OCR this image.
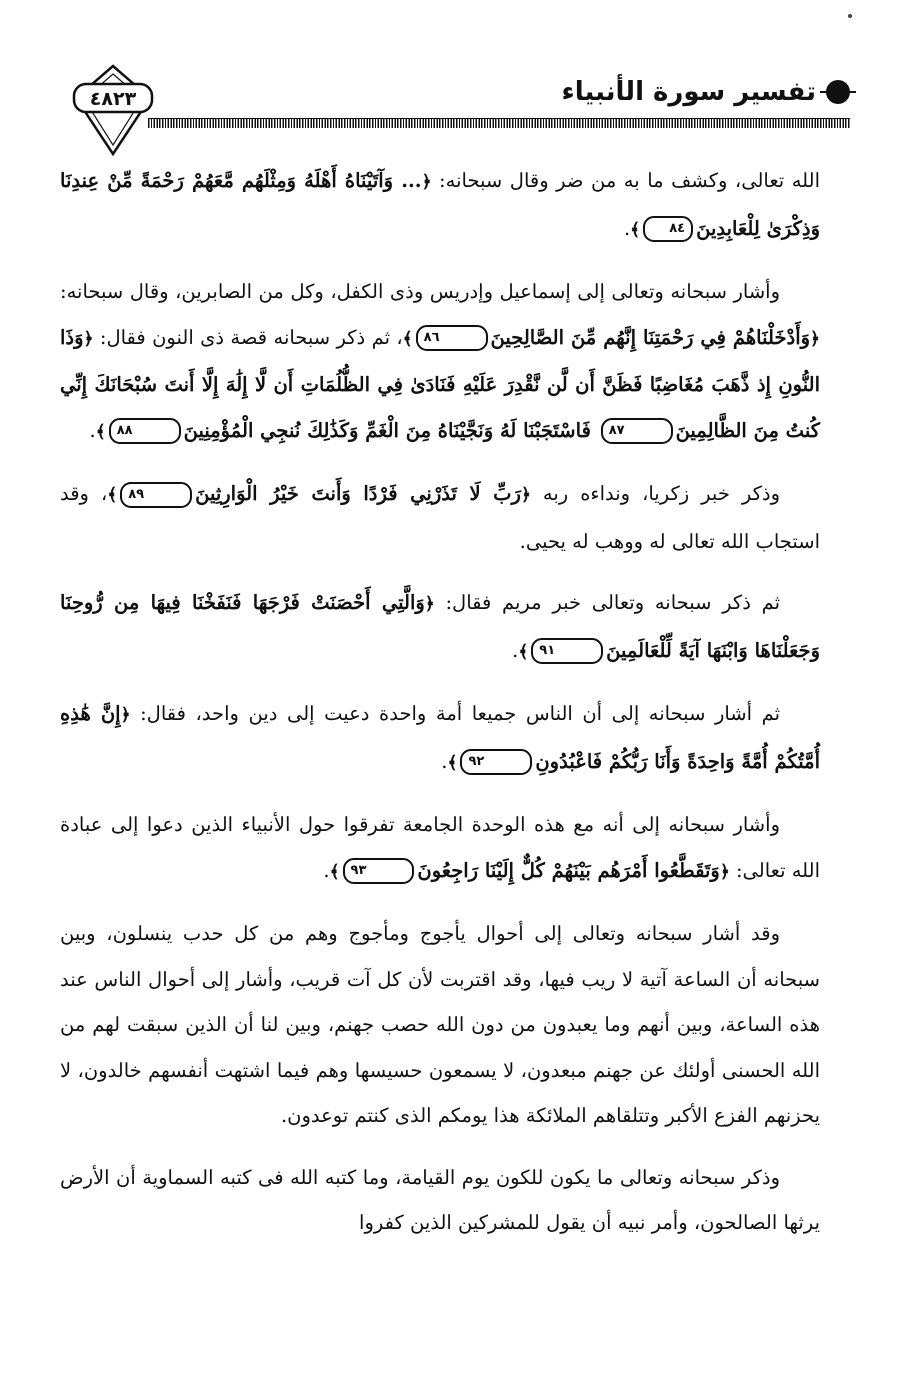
تفسير سورة الأنبياء
٤٨٢٣

الله تعالى، وكشف ما به من ضر وقال سبحانه: ﴿... وَآتَيْنَاهُ أَهْلَهُ وَمِثْلَهُم مَّعَهُمْ رَحْمَةً مِّنْ عِندِنَا وَذِكْرَىٰ لِلْعَابِدِينَ٨٤﴾.

وأشار سبحانه وتعالى إلى إسماعيل وإدريس وذى الكفل، وكل من الصابرين، وقال سبحانه: ﴿وَأَدْخَلْنَاهُمْ فِي رَحْمَتِنَا إِنَّهُم مِّنَ الصَّالِحِينَ٨٦﴾، ثم ذكر سبحانه قصة ذى النون فقال: ﴿وَذَا النُّونِ إِذ ذَّهَبَ مُغَاضِبًا فَظَنَّ أَن لَّن نَّقْدِرَ عَلَيْهِ فَنَادَىٰ فِي الظُّلُمَاتِ أَن لَّا إِلَٰهَ إِلَّا أَنتَ سُبْحَانَكَ إِنِّي كُنتُ مِنَ الظَّالِمِينَ٨٧ فَاسْتَجَبْنَا لَهُ وَنَجَّيْنَاهُ مِنَ الْغَمِّ وَكَذَٰلِكَ نُنجِي الْمُؤْمِنِينَ٨٨﴾.

وذكر خبر زكريا، ونداءه ربه ﴿رَبِّ لَا تَذَرْنِي فَرْدًا وَأَنتَ خَيْرُ الْوَارِثِينَ٨٩﴾، وقد استجاب الله تعالى له ووهب له يحيى.

ثم ذكر سبحانه وتعالى خبر مريم فقال: ﴿وَالَّتِي أَحْصَنَتْ فَرْجَهَا فَنَفَخْنَا فِيهَا مِن رُّوحِنَا وَجَعَلْنَاهَا وَابْنَهَا آيَةً لِّلْعَالَمِينَ٩١﴾.

ثم أشار سبحانه إلى أن الناس جميعا أمة واحدة دعيت إلى دين واحد، فقال: ﴿إِنَّ هَٰذِهِ أُمَّتُكُمْ أُمَّةً وَاحِدَةً وَأَنَا رَبُّكُمْ فَاعْبُدُونِ٩٢﴾.

وأشار سبحانه إلى أنه مع هذه الوحدة الجامعة تفرقوا حول الأنبياء الذين دعوا إلى عبادة الله تعالى: ﴿وَتَقَطَّعُوا أَمْرَهُم بَيْنَهُمْ كُلٌّ إِلَيْنَا رَاجِعُونَ٩٣﴾.

وقد أشار سبحانه وتعالى إلى أحوال يأجوج ومأجوج وهم من كل حدب ينسلون، وبين سبحانه أن الساعة آتية لا ريب فيها، وقد اقتربت لأن كل آت قريب، وأشار إلى أحوال الناس عند هذه الساعة، وبين أنهم وما يعبدون من دون الله حصب جهنم، وبين لنا أن الذين سبقت لهم من الله الحسنى أولئك عن جهنم مبعدون، لا يسمعون حسيسها وهم فيما اشتهت أنفسهم خالدون، لا يحزنهم الفزع الأكبر وتتلقاهم الملائكة هذا يومكم الذى كنتم توعدون.

وذكر سبحانه وتعالى ما يكون للكون يوم القيامة، وما كتبه الله فى كتبه السماوية أن الأرض يرثها الصالحون، وأمر نبيه أن يقول للمشركين الذين كفروا
